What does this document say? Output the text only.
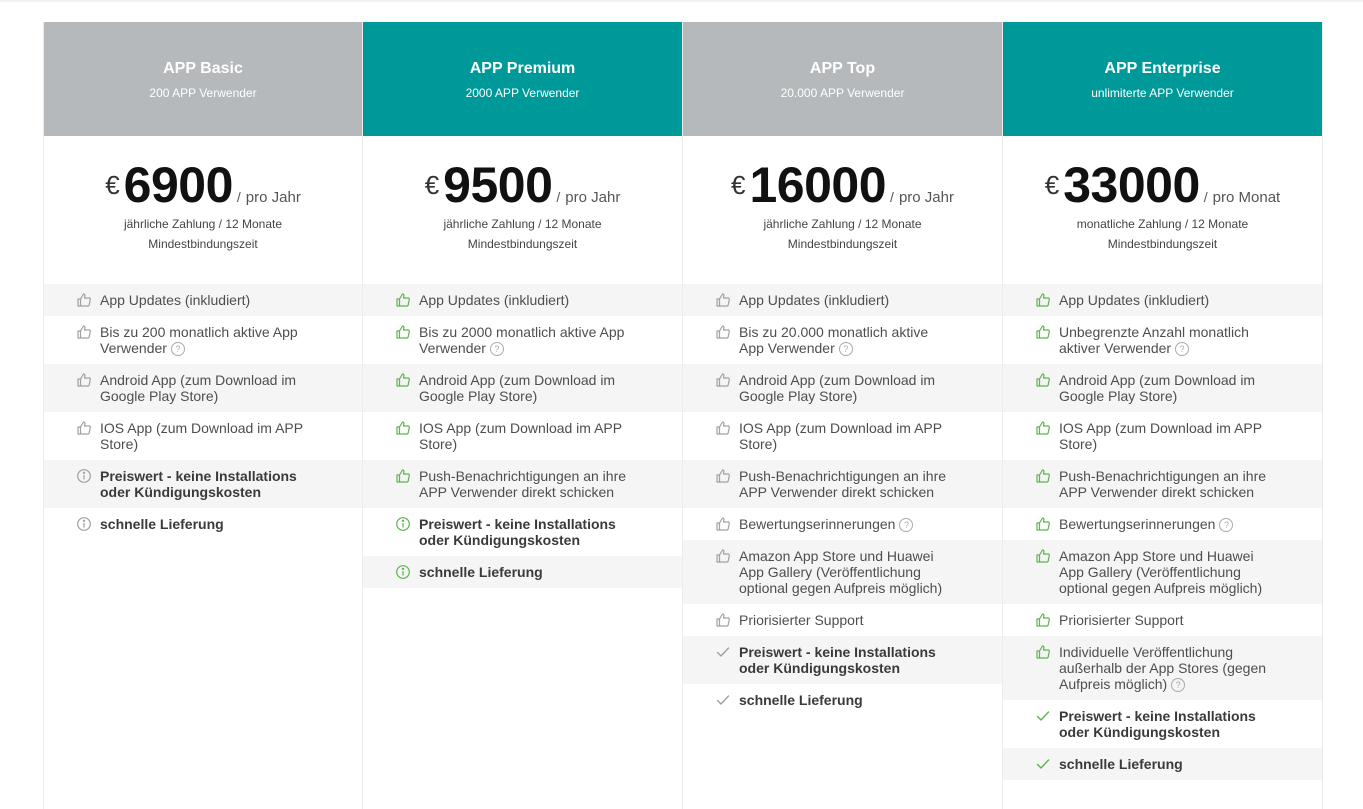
APP Basic
200 APP Verwender
€ 6900 / pro Jahr
jährliche Zahlung / 12 Monate Mindestbindungszeit
App Updates (inkludiert)
Bis zu 200 monatlich aktive App Verwender ?
Android App (zum Download im Google Play Store)
IOS App (zum Download im APP Store)
Preiswert - keine Installations oder Kündigungskosten
schnelle Lieferung
APP Premium
2000 APP Verwender
€ 9500 / pro Jahr
jährliche Zahlung / 12 Monate Mindestbindungszeit
App Updates (inkludiert)
Bis zu 2000 monatlich aktive App Verwender ?
Android App (zum Download im Google Play Store)
IOS App (zum Download im APP Store)
Push-Benachrichtigungen an ihre APP Verwender direkt schicken
Preiswert - keine Installations oder Kündigungskosten
schnelle Lieferung
APP Top
20.000 APP Verwender
€ 16000 / pro Jahr
jährliche Zahlung / 12 Monate Mindestbindungszeit
App Updates (inkludiert)
Bis zu 20.000 monatlich aktive App Verwender ?
Android App (zum Download im Google Play Store)
IOS App (zum Download im APP Store)
Push-Benachrichtigungen an ihre APP Verwender direkt schicken
Bewertungserinnerungen ?
Amazon App Store und Huawei App Gallery (Veröffentlichung optional gegen Aufpreis möglich)
Priorisierter Support
Preiswert - keine Installations oder Kündigungskosten
schnelle Lieferung
APP Enterprise
unlimiterte APP Verwender
€ 33000 / pro Monat
monatliche Zahlung / 12 Monate Mindestbindungszeit
App Updates (inkludiert)
Unbegrenzte Anzahl monatlich aktiver Verwender ?
Android App (zum Download im Google Play Store)
IOS App (zum Download im APP Store)
Push-Benachrichtigungen an ihre APP Verwender direkt schicken
Bewertungserinnerungen ?
Amazon App Store und Huawei App Gallery (Veröffentlichung optional gegen Aufpreis möglich)
Priorisierter Support
Individuelle Veröffentlichung außerhalb der App Stores (gegen Aufpreis möglich) ?
Preiswert - keine Installations oder Kündigungskosten
schnelle Lieferung
